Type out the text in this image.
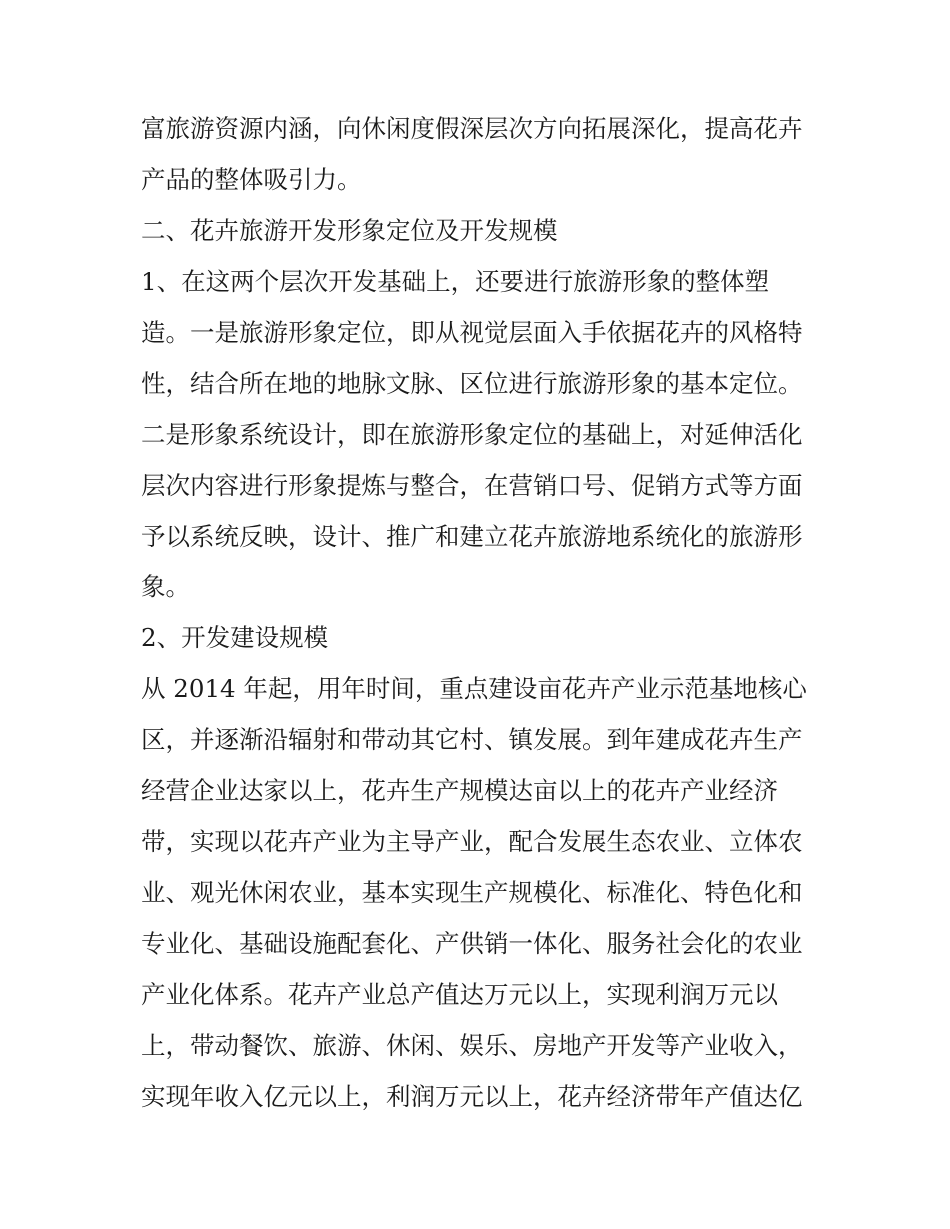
富旅游资源内涵，向休闲度假深层次方向拓展深化，提高花卉
产品的整体吸引力。
二、花卉旅游开发形象定位及开发规模
1、在这两个层次开发基础上，还要进行旅游形象的整体塑
造。一是旅游形象定位，即从视觉层面入手依据花卉的风格特
性，结合所在地的地脉文脉、区位进行旅游形象的基本定位。
二是形象系统设计，即在旅游形象定位的基础上，对延伸活化
层次内容进行形象提炼与整合，在营销口号、促销方式等方面
予以系统反映，设计、推广和建立花卉旅游地系统化的旅游形
象。
2、开发建设规模
从 2014 年起，用年时间，重点建设亩花卉产业示范基地核心
区，并逐渐沿辐射和带动其它村、镇发展。到年建成花卉生产
经营企业达家以上，花卉生产规模达亩以上的花卉产业经济
带，实现以花卉产业为主导产业，配合发展生态农业、立体农
业、观光休闲农业，基本实现生产规模化、标准化、特色化和
专业化、基础设施配套化、产供销一体化、服务社会化的农业
产业化体系。花卉产业总产值达万元以上，实现利润万元以
上，带动餐饮、旅游、休闲、娱乐、房地产开发等产业收入，
实现年收入亿元以上，利润万元以上，花卉经济带年产值达亿
